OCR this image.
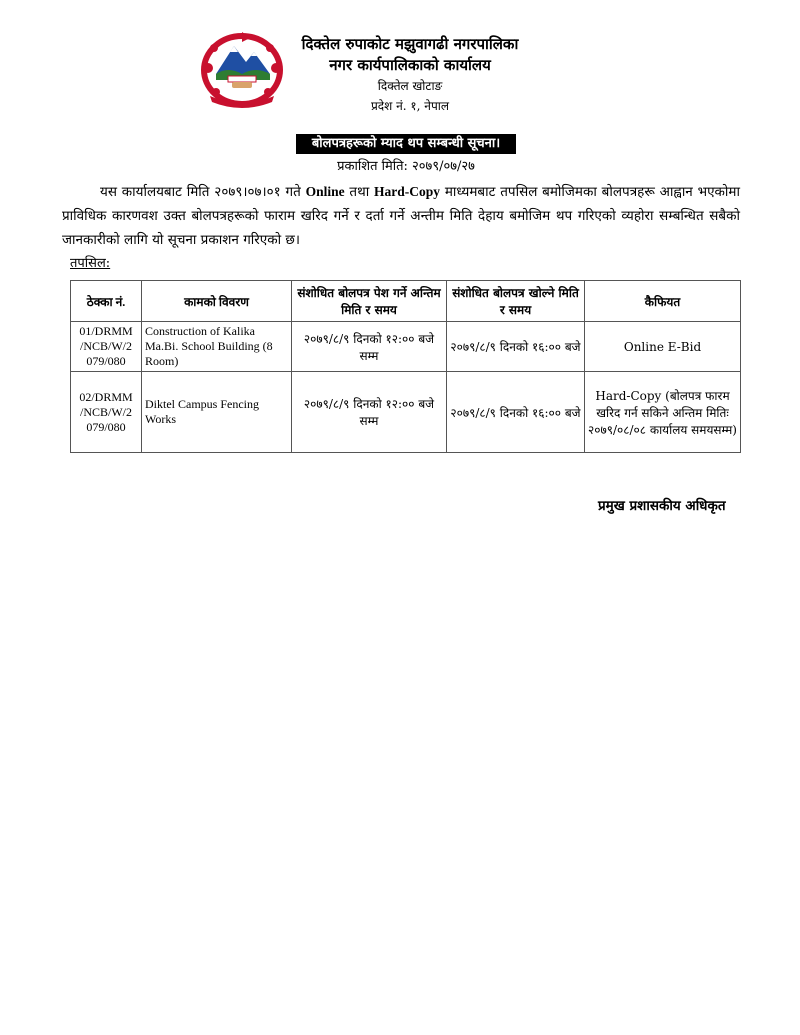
दिक्तेल रुपाकोट मझुवागढी नगरपालिका
नगर कार्यपालिकाको कार्यालय
दिक्तेल खोटाङ
प्रदेश नं. १, नेपाल
बोलपत्रहरूको म्याद थप सम्बन्धी सूचना।
प्रकाशित मिति: २०७९/०७/२७
यस कार्यालयबाट मिति २०७९।०७।०१ गते Online तथा Hard-Copy माध्यमबाट तपसिल बमोजिमका बोलपत्रहरू आह्वान भएकोमा प्राविधिक कारणवश उक्त बोलपत्रहरूको फाराम खरिद गर्ने र दर्ता गर्ने अन्तीम मिति देहाय बमोजिम थप गरिएको व्यहोरा सम्बन्धित सबैको जानकारीको लागि यो सूचना प्रकाशन गरिएको छ।
तपसिल:
ठेक्का नं.	कामको विवरण	संशोधित बोलपत्र पेश गर्ने अन्तिम मिति र समय	संशोधित बोलपत्र खोल्ने मिति र समय	कैफियत
01/DRMM /NCB/W/2 079/080	Construction of Kalika Ma.Bi. School Building (8 Room)	२०७९/८/९ दिनको १२:०० बजे सम्म	२०७९/८/९ दिनको १६:०० बजे	Online E-Bid
02/DRMM /NCB/W/2 079/080	Diktel Campus Fencing Works	२०७९/८/९ दिनको १२:०० बजे सम्म	२०७९/८/९ दिनको १६:०० बजे	Hard-Copy (बोलपत्र फारम खरिद गर्न सकिने अन्तिम मितिः २०७९/०८/०८ कार्यालय समयसम्म)
प्रमुख प्रशासकीय अधिकृत
